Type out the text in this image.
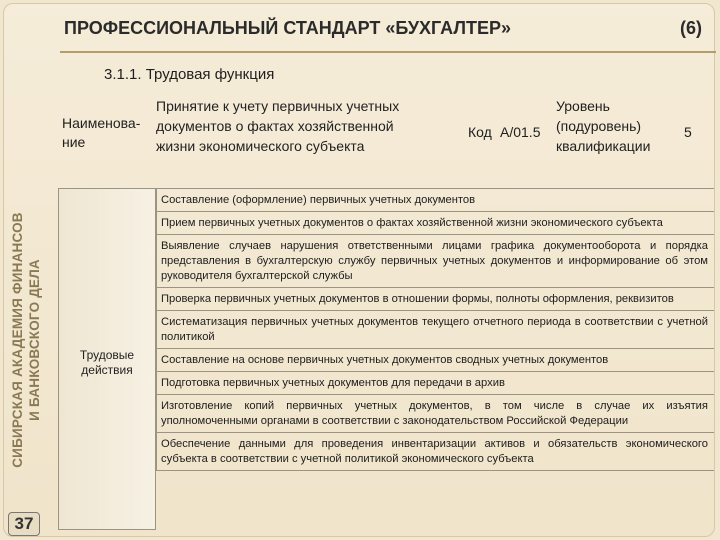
ПРОФЕССИОНАЛЬНЫЙ СТАНДАРТ «БУХГАЛТЕР»	(6)
3.1.1. Трудовая функция
СИБИРСКАЯ АКАДЕМИЯ ФИНАНСОВ И БАНКОВСКОГО ДЕЛА
37
Наименова-ние
Принятие к учету первичных учетных
документов о фактах хозяйственной
жизни экономического субъекта
Код А/01.5
Уровень
(подуровень)
квалификации
5
Трудовые действия
Составление (оформление) первичных учетных документов
Прием первичных учетных документов о фактах хозяйственной жизни экономического субъекта
Выявление случаев нарушения ответственными лицами графика документооборота и порядка представления в бухгалтерскую службу первичных учетных документов и информирование об этом руководителя бухгалтерской службы
Проверка первичных учетных документов в отношении формы, полноты оформления, реквизитов
Систематизация первичных учетных документов текущего отчетного периода в соответствии с учетной политикой
Составление на основе первичных учетных документов сводных учетных документов
Подготовка первичных учетных документов для передачи в архив
Изготовление копий первичных учетных документов, в том числе в случае их изъятия уполномоченными органами в соответствии с законодательством Российской Федерации
Обеспечение данными для проведения инвентаризации активов и обязательств экономического субъекта в соответствии с учетной политикой экономического субъекта
